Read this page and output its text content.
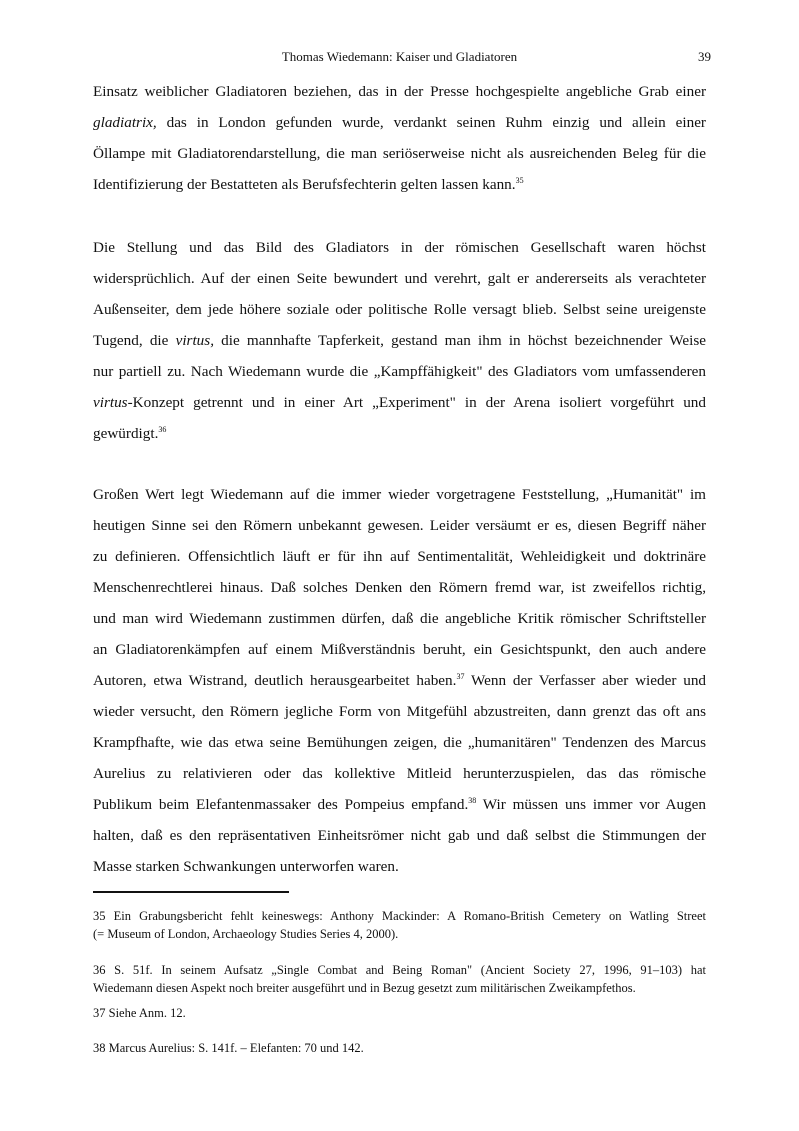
Thomas Wiedemann: Kaiser und Gladiatoren	39
Einsatz weiblicher Gladiatoren beziehen, das in der Presse hochgespielte angebliche Grab einer
gladiatrix, das in London gefunden wurde, verdankt seinen Ruhm einzig und allein einer
Öllampe mit Gladiatorendarstellung, die man seriöserweise nicht als ausreichenden Beleg für die
Identifizierung der Bestatteten als Berufsfechterin gelten lassen kann.$^{35}$
Die Stellung und das Bild des Gladiators in der römischen Gesellschaft waren höchst
widersprüchlich. Auf der einen Seite bewundert und verehrt, galt er andererseits als verachteter
Außenseiter, dem jede höhere soziale oder politische Rolle versagt blieb. Selbst seine ureigenste
Tugend, die virtus, die mannhafte Tapferkeit, gestand man ihm in höchst bezeichnender Weise
nur partiell zu. Nach Wiedemann wurde die „Kampffähigkeit" des Gladiators vom umfassenderen
virtus-Konzept getrennt und in einer Art „Experiment" in der Arena isoliert vorgeführt und
gewürdigt.$^{36}$
Großen Wert legt Wiedemann auf die immer wieder vorgetragene Feststellung, „Humanität" im
heutigen Sinne sei den Römern unbekannt gewesen. Leider versäumt er es, diesen Begriff näher
zu definieren. Offensichtlich läuft er für ihn auf Sentimentalität, Wehleidigkeit und doktrinäre
Menschenrechtlerei hinaus. Daß solches Denken den Römern fremd war, ist zweifellos richtig,
und man wird Wiedemann zustimmen dürfen, daß die angebliche Kritik römischer Schriftsteller
an Gladiatorenkämpfen auf einem Mißverständnis beruht, ein Gesichtspunkt, den auch andere
Autoren, etwa Wistrand, deutlich herausgearbeitet haben.$^{37}$ Wenn der Verfasser aber wieder und
wieder versucht, den Römern jegliche Form von Mitgefühl abzustreiten, dann grenzt das oft ans
Krampfhafte, wie das etwa seine Bemühungen zeigen, die „humanitären" Tendenzen des Marcus
Aurelius zu relativieren oder das kollektive Mitleid herunterzuspielen, das das römische
Publikum beim Elefantenmassaker des Pompeius empfand.$^{38}$ Wir müssen uns immer vor Augen
halten, daß es den repräsentativen Einheitsrömer nicht gab und daß selbst die Stimmungen der
Masse starken Schwankungen unterworfen waren.
35 Ein Grabungsbericht fehlt keineswegs: Anthony Mackinder: A Romano-British Cemetery on Watling Street
(= Museum of London, Archaeology Studies Series 4, 2000).
36 S. 51f. In seinem Aufsatz „Single Combat and Being Roman" (Ancient Society 27, 1996, 91–103) hat
Wiedemann diesen Aspekt noch breiter ausgeführt und in Bezug gesetzt zum militärischen Zweikampfethos.
37 Siehe Anm. 12.
38 Marcus Aurelius: S. 141f. – Elefanten: 70 und 142.
